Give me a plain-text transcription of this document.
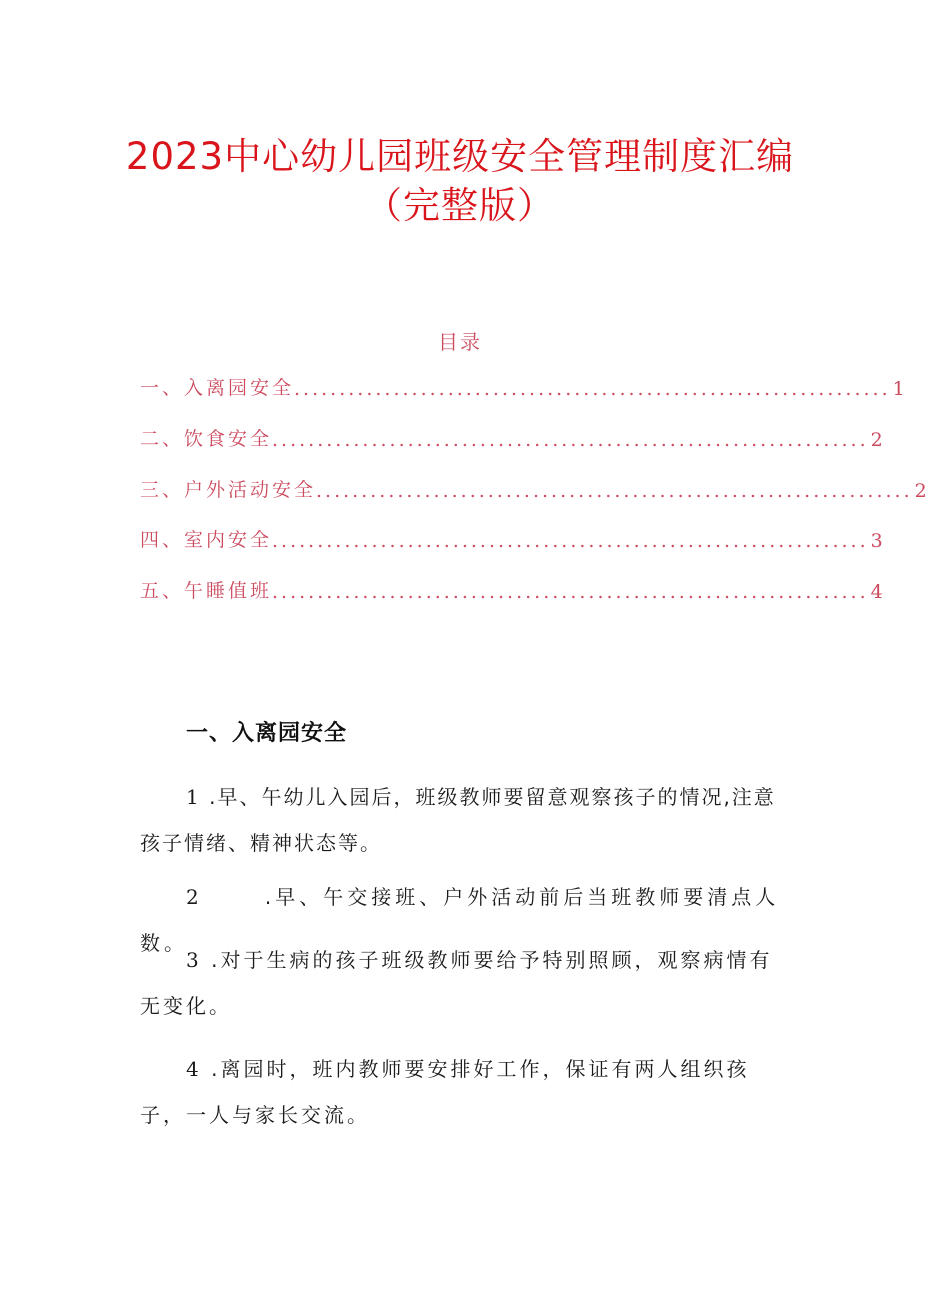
2023中心幼儿园班级安全管理制度汇编
（完整版）
目录
一、入离园安全 .................................................................. 1
二、饮食安全 .................................................................. 2
三、户外活动安全 .................................................................. 2
四、室内安全 .................................................................. 3
五、午睡值班 .................................................................. 4
一、入离园安全
1 .早、午幼儿入园后，班级教师要留意观察孩子的情况,注意孩子情绪、精神状态等。
2      .早、午交接班、户外活动前后当班教师要清点人数。
3 .对于生病的孩子班级教师要给予特别照顾，观察病情有无变化。
4 .离园时，班内教师要安排好工作，保证有两人组织孩子，一人与家长交流。
